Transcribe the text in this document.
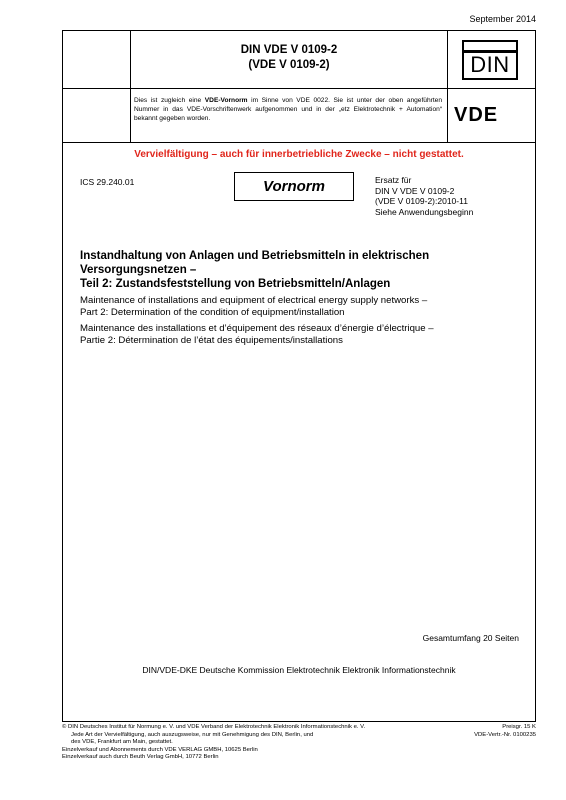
September 2014
DIN VDE V 0109-2
(VDE V 0109-2)	DIN
Dies ist zugleich eine VDE-Vornorm im Sinne von VDE 0022. Sie ist unter der oben angeführten Nummer in das VDE-Vorschriftenwerk aufgenommen und in der „etz Elektrotechnik + Automation“ bekannt gegeben worden.	VDE
Vervielfältigung – auch für innerbetriebliche Zwecke – nicht gestattet.
ICS 29.240.01	Vornorm	Ersatz für
DIN V VDE V 0109-2
(VDE V 0109-2):2010-11
Siehe Anwendungsbeginn
Instandhaltung von Anlagen und Betriebsmitteln in elektrischen
Versorgungsnetzen –
Teil 2: Zustandsfeststellung von Betriebsmitteln/Anlagen
Maintenance of installations and equipment of electrical energy supply networks –
Part 2: Determination of the condition of equipment/installation
Maintenance des installations et d’équipement des réseaux d’énergie d’électrique –
Partie 2: Détermination de l’état des équipements/installations
Gesamtumfang 20 Seiten
DIN/VDE-DKE Deutsche Kommission Elektrotechnik Elektronik Informationstechnik
© DIN Deutsches Institut für Normung e. V. und VDE Verband der Elektrotechnik Elektronik Informationstechnik e. V.
Jede Art der Vervielfältigung, auch auszugsweise, nur mit Genehmigung des DIN, Berlin, und
des VDE, Frankfurt am Main, gestattet.
Einzelverkauf und Abonnements durch VDE VERLAG GMBH, 10625 Berlin
Einzelverkauf auch durch Beuth Verlag GmbH, 10772 Berlin
Preisgr. 15 K
VDE-Vertr.-Nr. 0100235
